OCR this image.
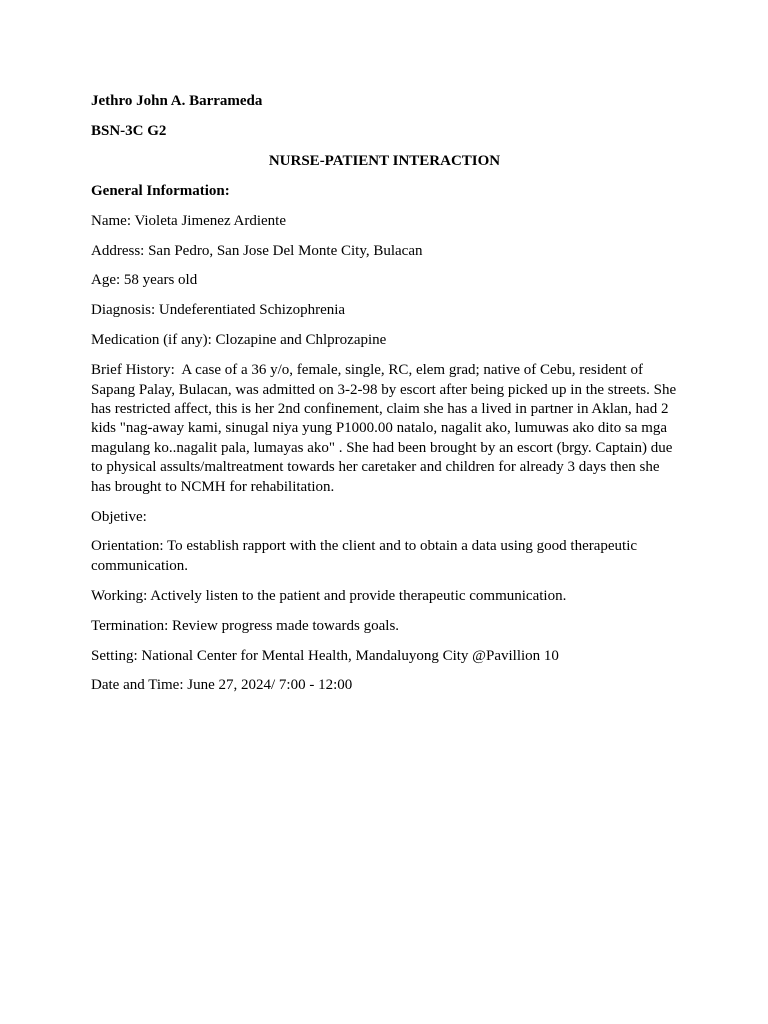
Jethro John A. Barrameda

BSN-3C G2

NURSE-PATIENT INTERACTION

General Information:

Name: Violeta Jimenez Ardiente

Address: San Pedro, San Jose Del Monte City, Bulacan

Age: 58 years old

Diagnosis: Undeferentiated Schizophrenia

Medication (if any): Clozapine and Chlprozapine

Brief History:  A case of a 36 y/o, female, single, RC, elem grad; native of Cebu, resident of Sapang Palay, Bulacan, was admitted on 3-2-98 by escort after being picked up in the streets. She has restricted affect, this is her 2nd confinement, claim she has a lived in partner in Aklan, had 2 kids "nag-away kami, sinugal niya yung P1000.00 natalo, nagalit ako, lumuwas ako dito sa mga magulang ko..nagalit pala, lumayas ako" . She had been brought by an escort (brgy. Captain) due to physical assults/maltreatment towards her caretaker and children for already 3 days then she has brought to NCMH for rehabilitation.

Objetive:

Orientation: To establish rapport with the client and to obtain a data using good therapeutic communication.

Working: Actively listen to the patient and provide therapeutic communication.

Termination: Review progress made towards goals.

Setting: National Center for Mental Health, Mandaluyong City @Pavillion 10

Date and Time: June 27, 2024/ 7:00 - 12:00
